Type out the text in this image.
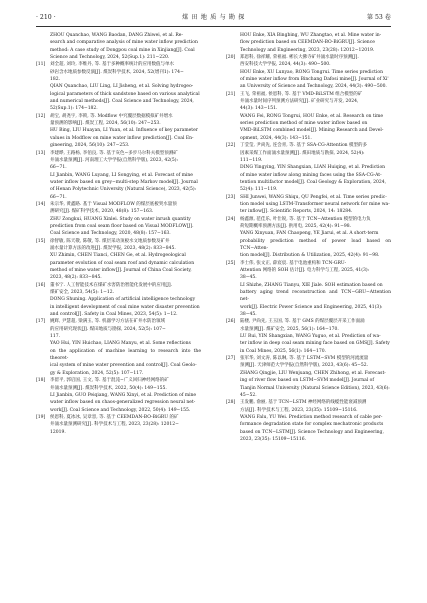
· 210 ·	煤 田 地 质 与 勘 探	第 53 卷
ZHOU Quanchao, WANG Baodan, DANG Zhiwei, et al. Re-
search and comparative analysis of mine water inflow prediction
method: A case study of Dongpou coal mine in Xinjiang[J]. Coal
Science and Technology, 2024, 52(Sup.1): 211−220.
[11] 刘全超, 刘玲, 李维丹, 等. 基于多种概率统计的应用数值与单水
砂岩含水地质参数反演[J]. 煤炭科学技术, 2024, 52(增刊1): 174−
182.
QIAN Quanchao, LIU Ling, LI Jisheng, et al. Solving hydrogeo-
logical parameters of thick sandstone based on various analytical
and numerical methods[J]. Coal Science and Technology, 2024,
52(Sup.1): 174−182.
[12] 胡宝, 胡尧宇, 李锁, 等. Modflow 中究覆层数据模拟矿井增水
量预测的影响[J]. 煤炭工程, 2024, 56(10): 247−253.
HU Bing, LIU Huayan, LI Yuan, et al. Influence of key parameter
values in Modflow on mine water inflow prediction[J]. Coal En-
gineering, 2024, 56(10): 247−253.
[13] 李建晔, 王路杨, 李佰良, 等. 基于灰色−多步马尔科夫模型预测矿
井涌水量预测[J]. 河南理工大学学报(自然科学版), 2023, 42(5):
66−71.
LI Jianbin, WANG Luyang, LI Songying, et al. Forecast of mine
water inflow based on grey−multi-step Markov model[J]. Journal
of Henan Polytechnic University (Natural Science), 2023, 42(5):
66−71.
[14] 朱宗华, 黄鑫路. 基于 Visual MODFLOW 的煤层底板突水量预
测研究[J]. 煤矿科学技术, 2020, 48(8): 157−163.
ZHU Zongkui, HUANG Xinlei. Study on water inrush quantity
prediction from coal seam floor based on Visual MODFLOW[J].
Coal Science and Technology, 2020, 48(8): 157−163.
[15] 徐智敏, 陈天敬, 陈敬, 等. 煤层采动顶板水文地质参数及矿井
涌水量计算方法的改进[J]. 煤炭学报, 2023, 48(2): 833−845.
XU Zhimin, CHEN Tianci, CHEN Ge, et al. Hydrogeological
parameter evolution of coal seam roof and dynamic calculation
method of mine water inflow[J]. Journal of China Coal Society,
2023, 48(2): 833−845.
[16] 董书宁. 人工智能技术在煤矿水害防治智能化发展中的应用[J].
煤矿安全, 2023, 54(5): 1−12.
DONG Shuning. Application of artificial intelligence technology
in intelligent development of coal mine water disaster prevention
and control[J]. Safety in Coal Mines, 2023, 54(5): 1−12.
[17] 姚辉, 尹慧超, 梁满玉, 等. 机器学习方法在矿井水防治领域
的应用研究现状[J]. 煤田地质与勘探, 2024, 52(5): 107−
117.
YAO Hui, YIN Huichao, LIANG Manyu, et al. Some reflections
on the application of machine learning to research into the theoret-
ical system of mine water prevention and control[J]. Coal Geolo-
gy & Exploration, 2024, 52(5): 107−117.
[18] 李留平, 郭启国, 王文, 等. 基于混沌−广义回归神经网络的矿
井涌水量预测[J]. 煤炭科学技术, 2022, 50(4): 149−155.
LI Jianbin, GUO Peiqiang, WANG Xinyi, et al. Prediction of mine
water inflow based on chaos-generalized regression neural net-
work[J]. Coal Science and Technology, 2022, 50(4): 149−155.
[19] 侯恩科, 夏冰冰, 吴章容, 等. 基于 CEEMDAN-BO-BiGRU 的矿
井涌水量预测研究[J]. 科学技术与工程, 2023, 23(28): 12012−
12019.
HOU Enke, XIA Bingbing, WU Zhangtao, et al. Mine water in-
flow prediction based on CEEMDAN-BO-BiGRU[J]. Science
Technology and Engineering, 2023, 23(28): 12012−12019.
[20] 郑恩科, 徐祥耀, 荣祖福. 彬长大佛寺矿井涌水量时序预测[J].
西安科技大学学报, 2024, 44(3): 490−500.
HOU Enke, XU Lunyao, RONG Tongrui. Time series prediction
of mine water inflow from Binchang Dafosi mine[J]. Journal of Xi'
an University of Science and Technology, 2024, 44(3): 490−500.
[21] 王飞, 荣祖福, 侯恩科, 等. 基于 VMD-BiLSTM 组合模型的矿
井涌水量时间序列预测方法研究[J]. 矿业研究与开发, 2024,
44(3): 143−151.
WANG Fei, RONG Tongrui, HOU Enke, et al. Research on time
series prediction method of mine water inflow based on
VMD-BiLSTM combined model[J]. Mining Research and Devel-
opment, 2024, 44(3): 143−151.
[22] 丁莹莹, 尹尚先, 连会青, 等. 基于 SSA-CG-Attention 模型的多
因素采煤工作面涌水量预测[J]. 煤田地质与勘探, 2024, 52(4):
111−119.
DING Yingying, YIN Shangxian, LIAN Huiqing, et al. Prediction
of mine water inflow along mining faces using the SSA-CG-At-
tention multifactor model[J]. Coal Geology & Exploration, 2024,
52(4): 111−119.
[23] SHI Junwei, WANG Shiqu, QU Pengfei, et al. Time series predic-
tion model using LSTM-Transformer neural network for mine wa-
ter inflow[J]. Scientific Reports, 2024, 14: 18284.
[24] 杨鑫源, 范佳乐, 叶仕锐, 等. 基于 TCN−Attention 模型的电力负
荷短期概率预测方法[J]. 供用电, 2025, 42(4): 91−98.
YANG Xinyuan, FAN Chaopeng, YE Jiarui, et al. A short-term
probability prediction method of power load based on TCN−Atten-
tion model[J]. Distribution & Utilization, 2025, 42(4): 91−98.
[25] 李士伟, 张文正, 薛宸宸. 基于电池重构和 TCN-GRU-
Attention 网络的 SOH 估计[J]. 电力科学与工程, 2025, 41(3):
38−45.
LI Shizhe, ZHANG Tianyu, XIE Jiale. SOH estimation based on
battery aging trend reconstruction and TCN−GRU−Attention net-
work[J]. Electric Power Science and Engineering, 2025, 41(3):
38−45.
[26] 陆楼, 尹尚先, 王玉国, 等. 基于 GMS 的煤层覆层开采工作面涌
水量预测[J]. 煤矿安全, 2025, 56(1): 164−170.
LU Rui, YIN Shangxian, WANG Yuguo, et al. Prediction of wa-
ter inflow in deep coal seam mining face based on GMS[J]. Safety
in Coal Mines, 2025, 56(1): 164−170.
[27] 张军华, 刘文涛, 陈以琳, 等. 基于 LSTM−SVM 模型的河流流量
预测[J]. 天津师范大学学报(自然科学版), 2023, 43(6): 45−52.
ZHANG Qingjie, LIU Wenjuang, CHEN Zhihong, et al. Forecast-
ing of river flow based on LSTM−SVM model[J]. Journal of
Tianjin Normal University (Natural Science Edition), 2023, 43(6):
45−52.
[28] 王发鹏, 俞丽, 基于 TCN−LSTM 神经网络的线缆性能衰减预测
方法[J]. 科学技术与工程, 2023, 23(35): 15109−15116.
WANG Falu, YU Wei. Prediction method research of cable per-
formance degradation state for complex mechatronic products
based on TCN−LSTM[J]. Science Technology and Engineering,
2023, 23(35): 15109−15116.
